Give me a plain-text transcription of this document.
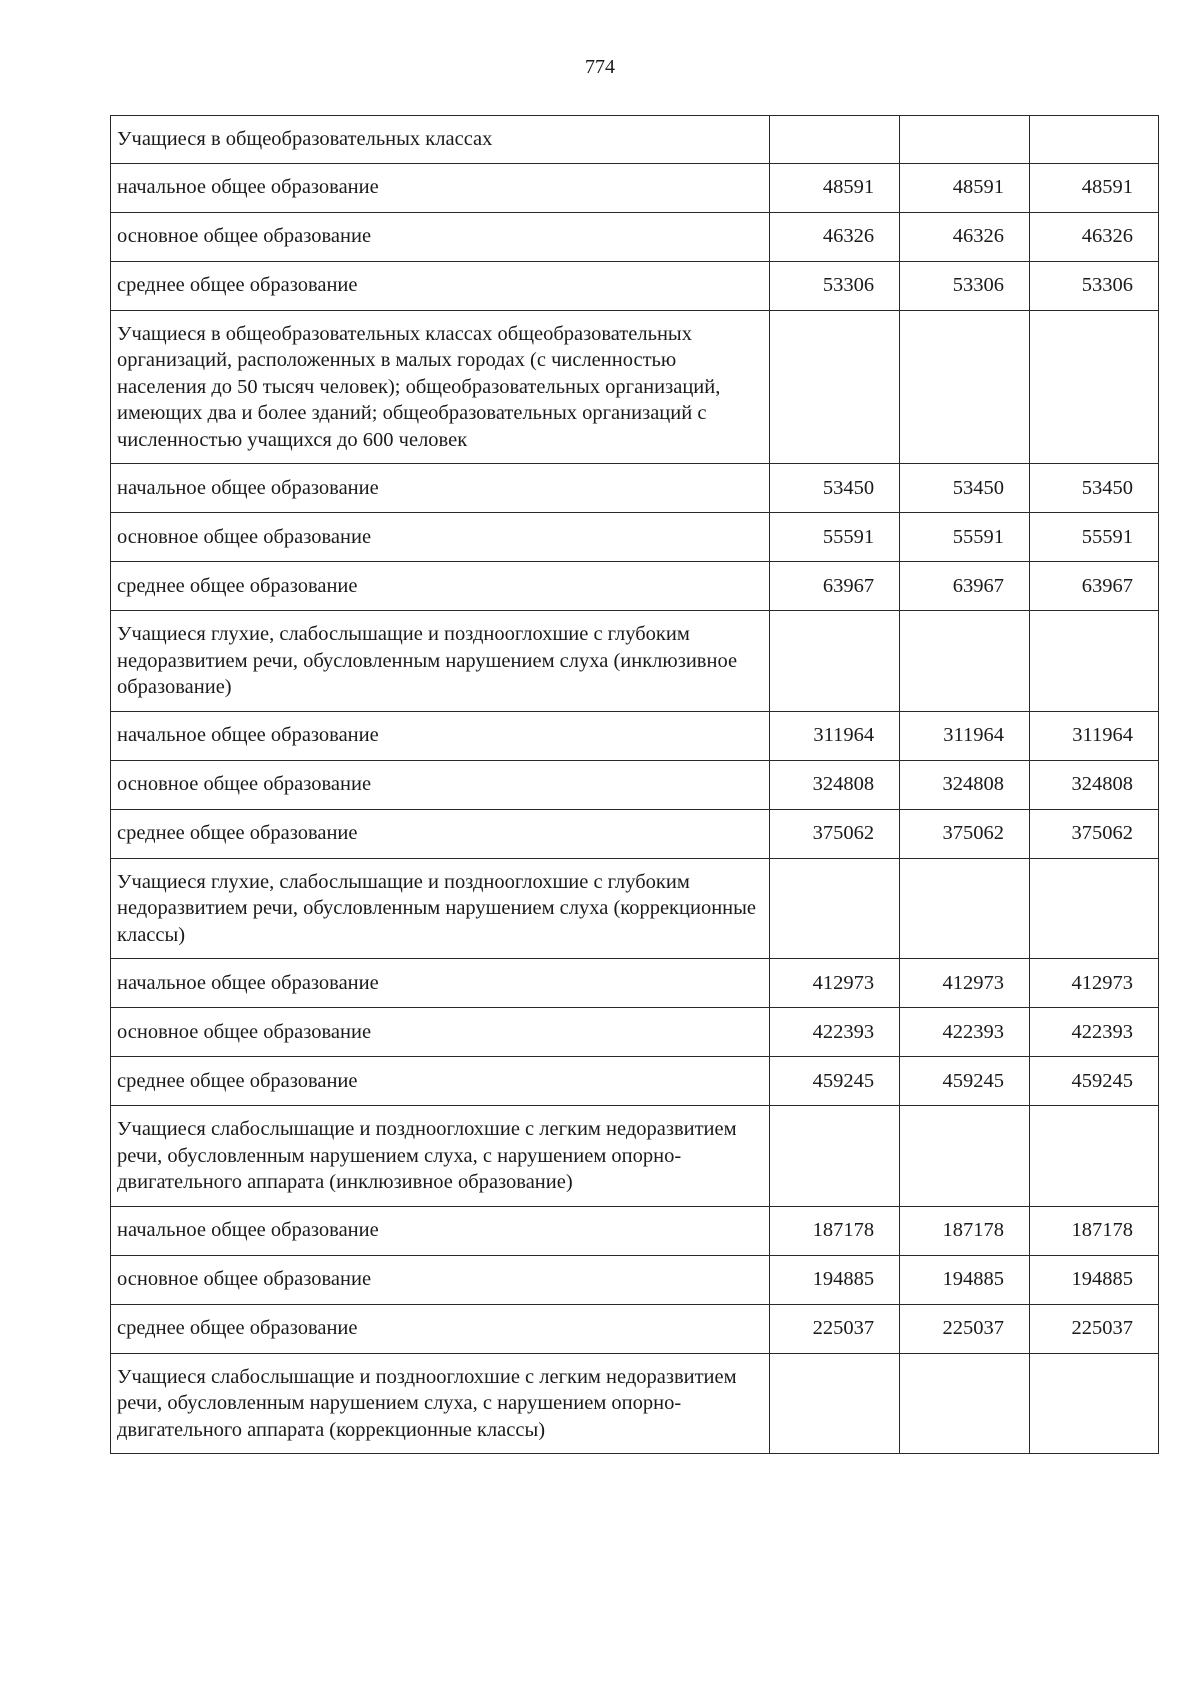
774
Учащиеся в общеобразовательных классах			
начальное общее образование	48591	48591	48591
основное общее образование	46326	46326	46326
среднее общее образование	53306	53306	53306
Учащиеся в общеобразовательных классах общеобразовательных организаций, расположенных в малых городах (с численностью населения до 50 тысяч человек); общеобразовательных организаций, имеющих два и более зданий; общеобразовательных организаций с численностью учащихся до 600 человек			
начальное общее образование	53450	53450	53450
основное общее образование	55591	55591	55591
среднее общее образование	63967	63967	63967
Учащиеся глухие, слабослышащие и позднооглохшие с глубоким недоразвитием речи, обусловленным нарушением слуха (инклюзивное образование)			
начальное общее образование	311964	311964	311964
основное общее образование	324808	324808	324808
среднее общее образование	375062	375062	375062
Учащиеся глухие, слабослышащие и позднооглохшие с глубоким недоразвитием речи, обусловленным нарушением слуха (коррекционные классы)			
начальное общее образование	412973	412973	412973
основное общее образование	422393	422393	422393
среднее общее образование	459245	459245	459245
Учащиеся слабослышащие и позднооглохшие с легким недоразвитием речи, обусловленным нарушением слуха, с нарушением опорно-двигательного аппарата (инклюзивное образование)			
начальное общее образование	187178	187178	187178
основное общее образование	194885	194885	194885
среднее общее образование	225037	225037	225037
Учащиеся слабослышащие и позднооглохшие с легким недоразвитием речи, обусловленным нарушением слуха, с нарушением опорно-двигательного аппарата (коррекционные классы)			
